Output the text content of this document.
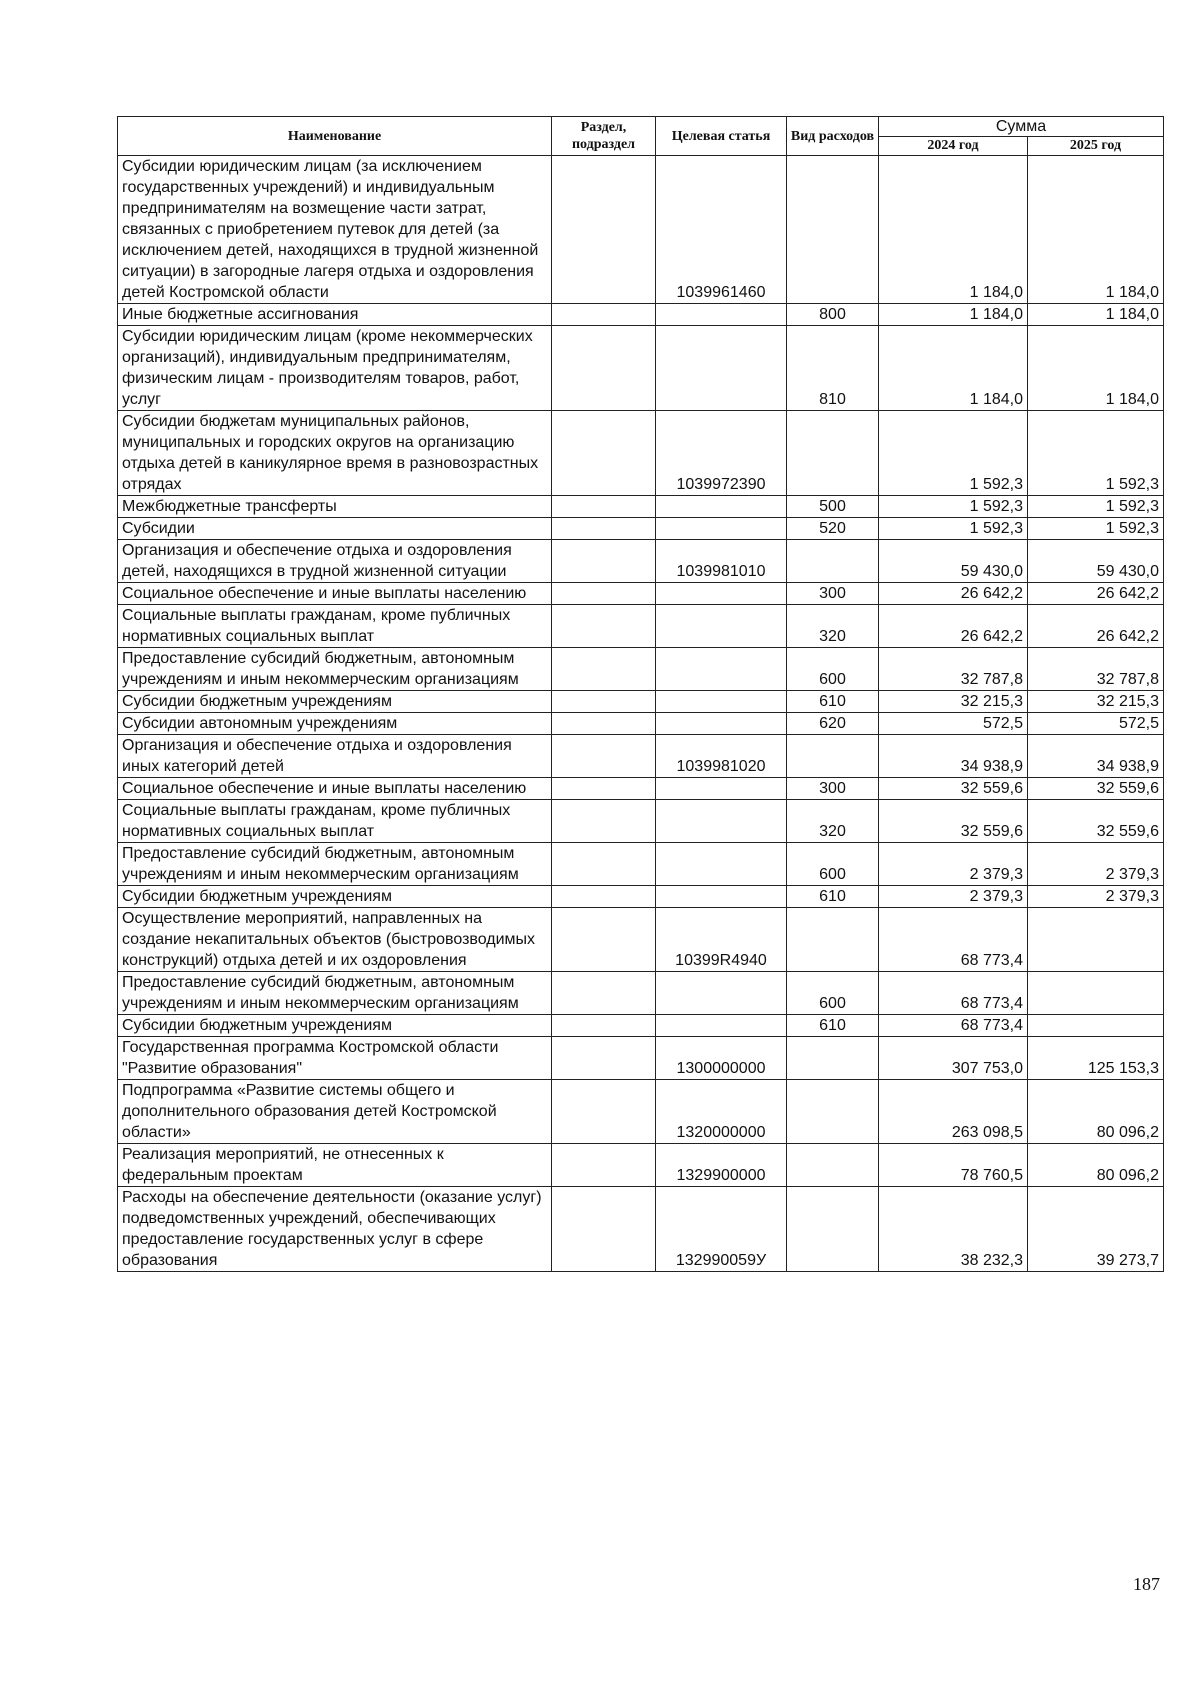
Наименование	Раздел, подраздел	Целевая статья	Вид расходов	Сумма	
				2024 год	2025 год
Субсидии юридическим лицам (за исключением государственных учреждений) и индивидуальным предпринимателям на возмещение части затрат, связанных с приобретением путевок для детей (за исключением детей, находящихся в трудной жизненной ситуации) в загородные лагеря отдыха и оздоровления детей Костромской области		1039961460		1 184,0	1 184,0
Иные бюджетные ассигнования			800	1 184,0	1 184,0
Субсидии юридическим лицам (кроме некоммерческих организаций), индивидуальным предпринимателям, физическим лицам - производителям товаров, работ, услуг			810	1 184,0	1 184,0
Субсидии бюджетам муниципальных районов, муниципальных и городских округов на организацию отдыха детей в каникулярное время в разновозрастных отрядах		1039972390		1 592,3	1 592,3
Межбюджетные трансферты			500	1 592,3	1 592,3
Субсидии			520	1 592,3	1 592,3
Организация и обеспечение отдыха и оздоровления детей, находящихся в трудной жизненной ситуации		1039981010		59 430,0	59 430,0
Социальное обеспечение и иные выплаты населению			300	26 642,2	26 642,2
Социальные выплаты гражданам, кроме публичных нормативных социальных выплат			320	26 642,2	26 642,2
Предоставление субсидий бюджетным, автономным учреждениям и иным некоммерческим организациям			600	32 787,8	32 787,8
Субсидии бюджетным учреждениям			610	32 215,3	32 215,3
Субсидии автономным учреждениям			620	572,5	572,5
Организация и обеспечение отдыха и оздоровления иных категорий детей		1039981020		34 938,9	34 938,9
Социальное обеспечение и иные выплаты населению			300	32 559,6	32 559,6
Социальные выплаты гражданам, кроме публичных нормативных социальных выплат			320	32 559,6	32 559,6
Предоставление субсидий бюджетным, автономным учреждениям и иным некоммерческим организациям			600	2 379,3	2 379,3
Субсидии бюджетным учреждениям			610	2 379,3	2 379,3
Осуществление мероприятий, направленных на создание некапитальных объектов (быстровозводимых конструкций) отдыха детей и их оздоровления		10399R4940		68 773,4	
Предоставление субсидий бюджетным, автономным учреждениям и иным некоммерческим организациям			600	68 773,4	
Субсидии бюджетным учреждениям			610	68 773,4	
Государственная программа Костромской области "Развитие образования"		1300000000		307 753,0	125 153,3
Подпрограмма «Развитие системы общего и дополнительного образования детей Костромской области»		1320000000		263 098,5	80 096,2
Реализация мероприятий, не отнесенных к федеральным проектам		1329900000		78 760,5	80 096,2
Расходы на обеспечение деятельности (оказание услуг) подведомственных учреждений, обеспечивающих предоставление государственных услуг в сфере образования		132990059У		38 232,3	39 273,7
187
